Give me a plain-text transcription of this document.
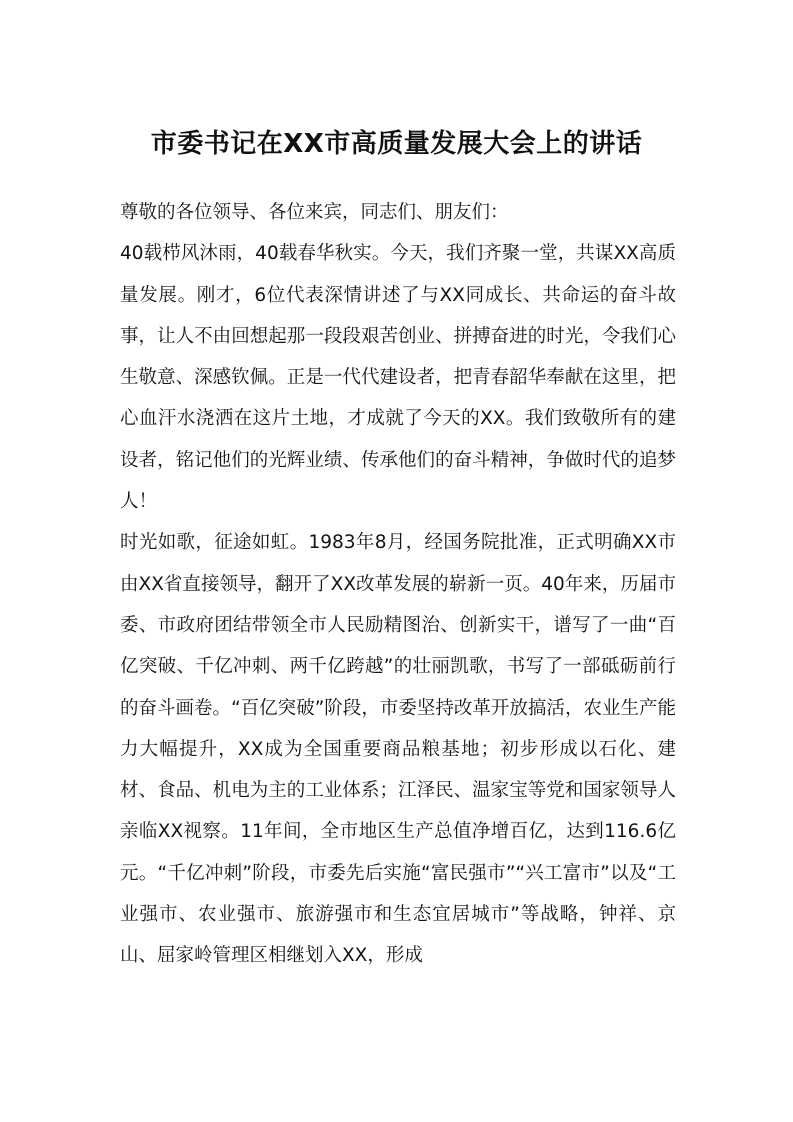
市委书记在XX市高质量发展大会上的讲话

尊敬的各位领导、各位来宾，同志们、朋友们：

40载栉风沐雨，40载春华秋实。今天，我们齐聚一堂，共谋XX高质量发展。刚才，6位代表深情讲述了与XX同成长、共命运的奋斗故事，让人不由回想起那一段段艰苦创业、拼搏奋进的时光，令我们心生敬意、深感钦佩。正是一代代建设者，把青春韶华奉献在这里，把心血汗水浇洒在这片土地，才成就了今天的XX。我们致敬所有的建设者，铭记他们的光辉业绩、传承他们的奋斗精神，争做时代的追梦人！

时光如歌，征途如虹。1983年8月，经国务院批准，正式明确XX市由XX省直接领导，翻开了XX改革发展的崭新一页。40年来，历届市委、市政府团结带领全市人民励精图治、创新实干，谱写了一曲“百亿突破、千亿冲刺、两千亿跨越”的壮丽凯歌，书写了一部砥砺前行的奋斗画卷。“百亿突破”阶段，市委坚持改革开放搞活，农业生产能力大幅提升，XX成为全国重要商品粮基地；初步形成以石化、建材、食品、机电为主的工业体系；江泽民、温家宝等党和国家领导人亲临XX视察。11年间，全市地区生产总值净增百亿，达到116.6亿元。“千亿冲刺”阶段，市委先后实施“富民强市”“兴工富市”以及“工业强市、农业强市、旅游强市和生态宜居城市”等战略，钟祥、京山、屈家岭管理区相继划入XX，形成
